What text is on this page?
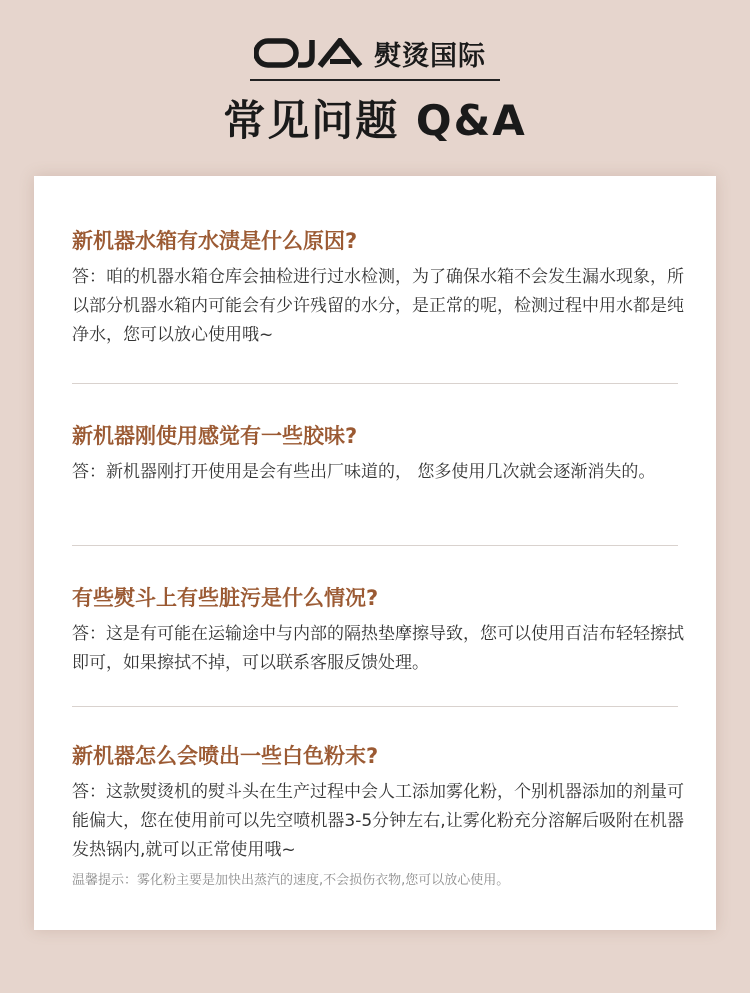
熨烫国际
常见问题 Q&A
新机器水箱有水渍是什么原因?
答：咱的机器水箱仓库会抽检进行过水检测，为了确保水箱不会发生漏水现象，所以部分机器水箱内可能会有少许残留的水分，是正常的呢，检测过程中用水都是纯净水，您可以放心使用哦~
新机器刚使用感觉有一些胶味?
答：新机器刚打开使用是会有些出厂味道的， 您多使用几次就会逐渐消失的。
有些熨斗上有些脏污是什么情况?
答：这是有可能在运输途中与内部的隔热垫摩擦导致，您可以使用百洁布轻轻擦拭即可，如果擦拭不掉，可以联系客服反馈处理。
新机器怎么会喷出一些白色粉末?
答：这款熨烫机的熨斗头在生产过程中会人工添加雾化粉，个别机器添加的剂量可能偏大，您在使用前可以先空喷机器3-5分钟左右,让雾化粉充分溶解后吸附在机器发热锅内,就可以正常使用哦~
温馨提示：雾化粉主要是加快出蒸汽的速度,不会损伤衣物,您可以放心使用。
